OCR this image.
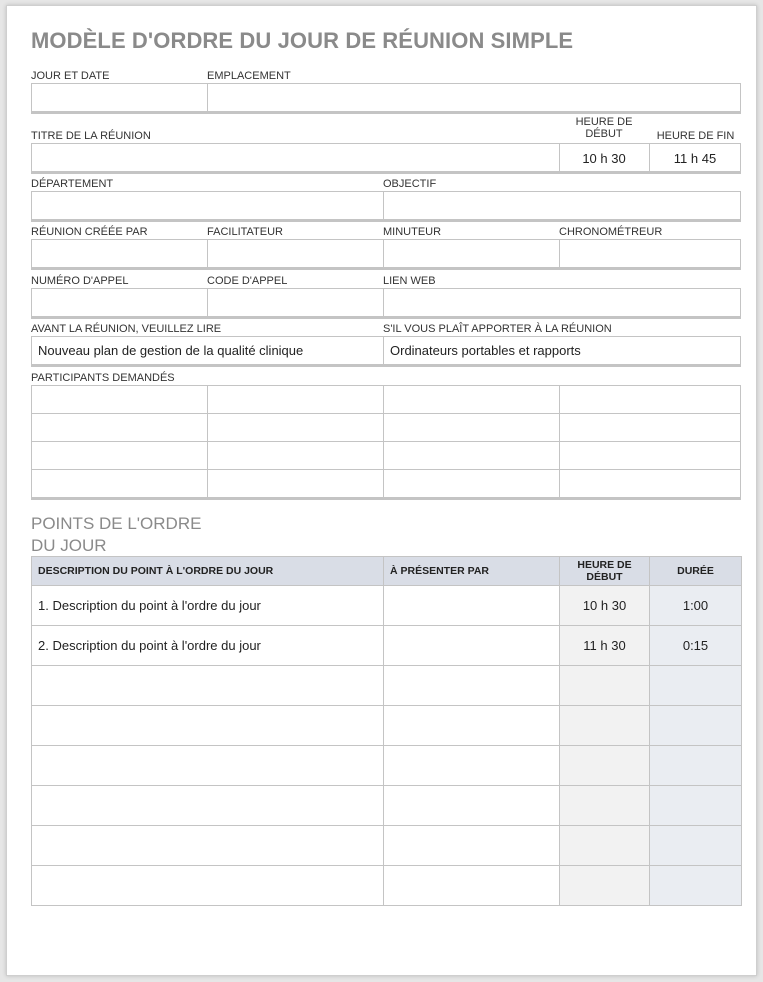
MODÈLE D'ORDRE DU JOUR DE RÉUNION SIMPLE
JOUR ET DATE	EMPLACEMENT
TITRE DE LA RÉUNION
HEURE DE DÉBUT	HEURE DE FIN
10 h 30	11 h 45
DÉPARTEMENT	OBJECTIF
RÉUNION CRÉÉE PAR	FACILITATEUR	MINUTEUR	CHRONOMÉTREUR
NUMÉRO D'APPEL	CODE D'APPEL	LIEN WEB
AVANT LA RÉUNION, VEUILLEZ LIRE	S'IL VOUS PLAÎT APPORTER À LA RÉUNION
Nouveau plan de gestion de la qualité clinique	Ordinateurs portables et rapports
PARTICIPANTS DEMANDÉS
POINTS DE L'ORDRE
DU JOUR
DESCRIPTION DU POINT À L'ORDRE DU JOUR	À PRÉSENTER PAR	HEURE DE DÉBUT	DURÉE
1. Description du point à l'ordre du jour		10 h 30	1:00
2. Description du point à l'ordre du jour		11 h 30	0:15
